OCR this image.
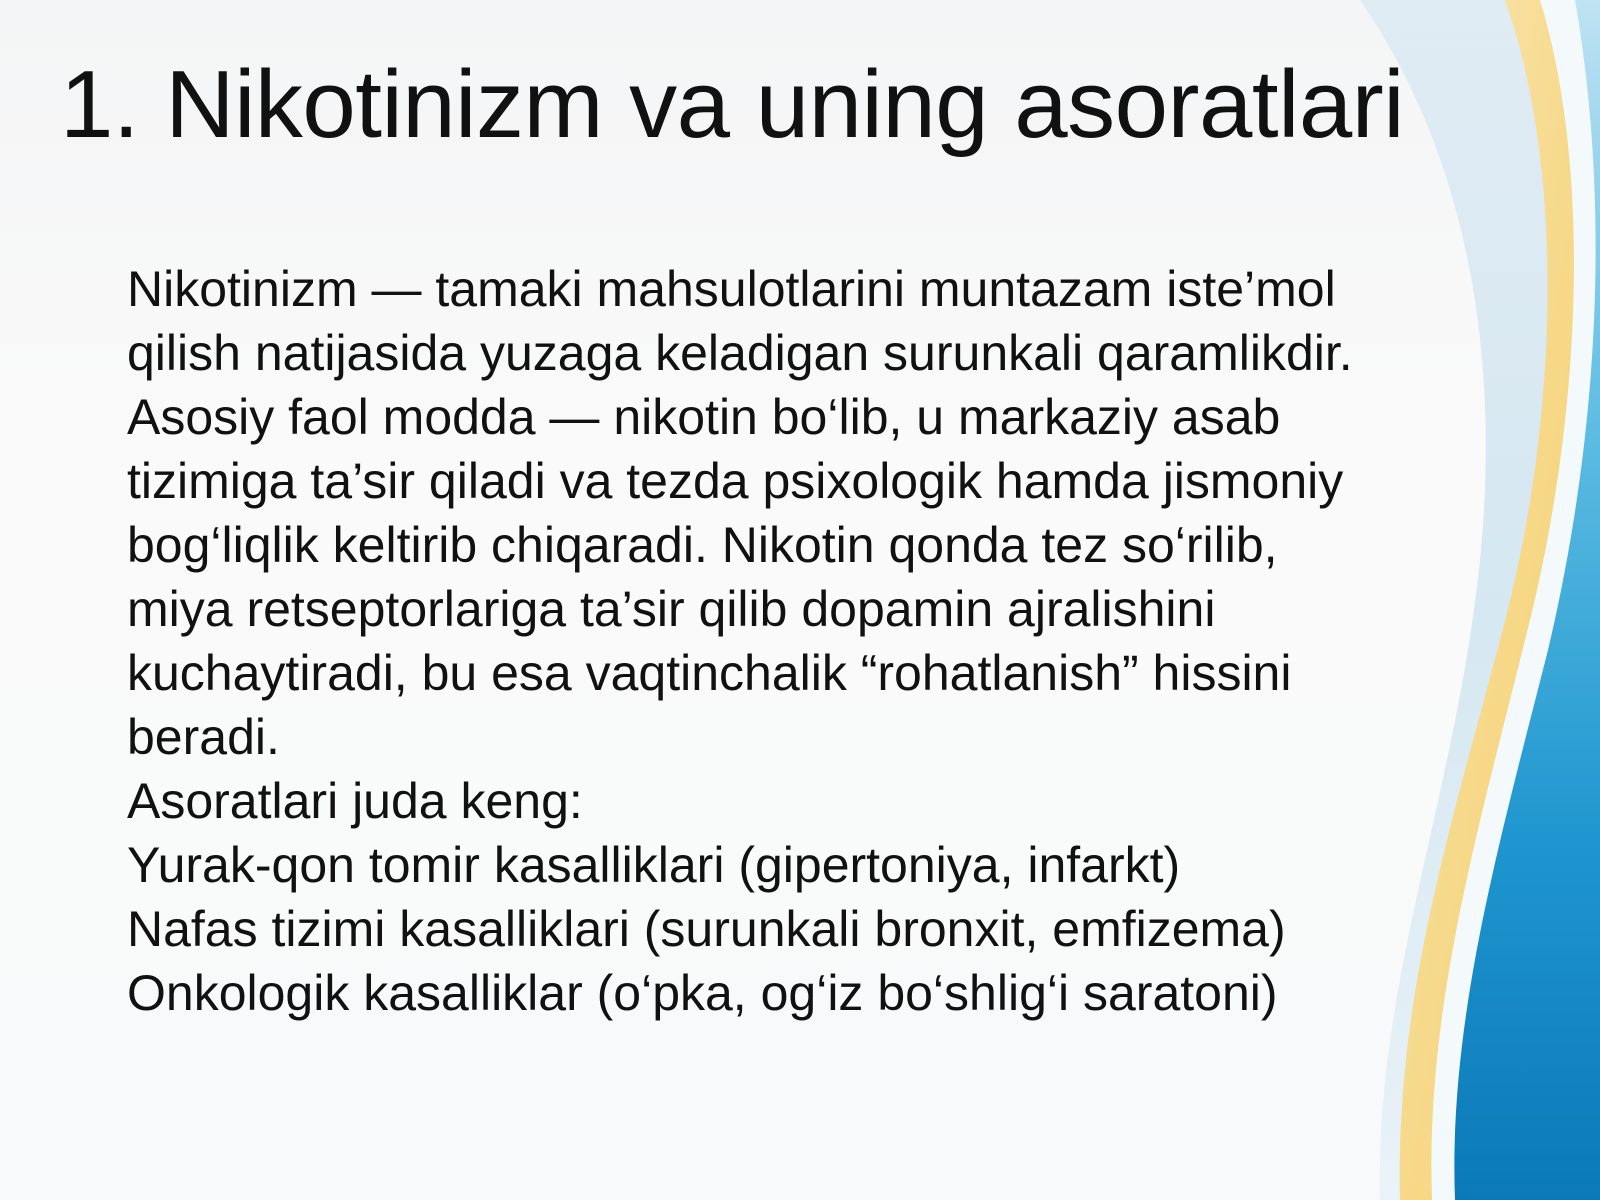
1. Nikotinizm va uning asoratlari
Nikotinizm — tamaki mahsulotlarini muntazam iste’mol
qilish natijasida yuzaga keladigan surunkali qaramlikdir.
Asosiy faol modda — nikotin bo‘lib, u markaziy asab
tizimiga ta’sir qiladi va tezda psixologik hamda jismoniy
bog‘liqlik keltirib chiqaradi. Nikotin qonda tez so‘rilib,
miya retseptorlariga ta’sir qilib dopamin ajralishini
kuchaytiradi, bu esa vaqtinchalik “rohatlanish” hissini
beradi.
Asoratlari juda keng:
Yurak-qon tomir kasalliklari (gipertoniya, infarkt)
Nafas tizimi kasalliklari (surunkali bronxit, emfizema)
Onkologik kasalliklar (o‘pka, og‘iz bo‘shlig‘i saratoni)
